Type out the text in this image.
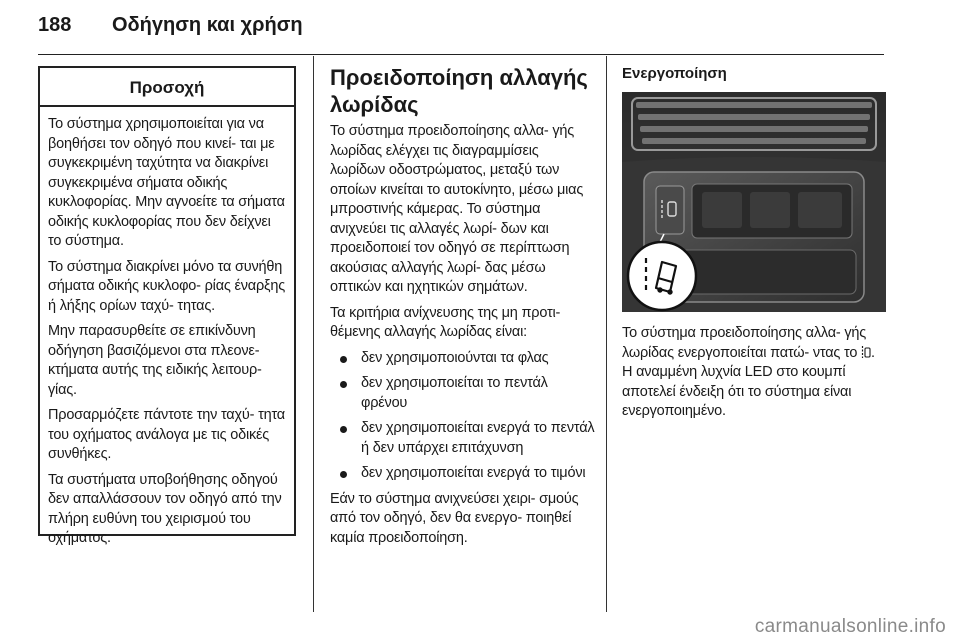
188 Οδήγηση και χρήση
Προσοχή

Το σύστημα χρησιμοποιείται για να βοηθήσει τον οδηγό που κινεί- ται με συγκεκριμένη ταχύτητα να διακρίνει συγκεκριμένα σήματα οδικής κυκλοφορίας. Μην αγνοείτε τα σήματα οδικής κυκλοφορίας που δεν δείχνει το σύστημα.

Το σύστημα διακρίνει μόνο τα συνήθη σήματα οδικής κυκλοφο- ρίας έναρξης ή λήξης ορίων ταχύ- τητας.

Μην παρασυρθείτε σε επικίνδυνη οδήγηση βασιζόμενοι στα πλεονε- κτήματα αυτής της ειδικής λειτουρ- γίας.

Προσαρμόζετε πάντοτε την ταχύ- τητα του οχήματος ανάλογα με τις οδικές συνθήκες.

Τα συστήματα υποβοήθησης οδηγού δεν απαλλάσσουν τον οδηγό από την πλήρη ευθύνη του χειρισμού του οχήματος.

Προειδοποίηση αλλαγής λωρίδας

Το σύστημα προειδοποίησης αλλα- γής λωρίδας ελέγχει τις διαγραμμίσεις λωρίδων οδοστρώματος, μεταξύ των οποίων κινείται το αυτοκίνητο, μέσω μιας μπροστινής κάμερας. Το σύστημα ανιχνεύει τις αλλαγές λωρί- δων και προειδοποιεί τον οδηγό σε περίπτωση ακούσιας αλλαγής λωρί- δας μέσω οπτικών και ηχητικών σημάτων.

Τα κριτήρια ανίχνευσης της μη προτι- θέμενης αλλαγής λωρίδας είναι:

δεν χρησιμοποιούνται τα φλας
δεν χρησιμοποιείται το πεντάλ φρένου
δεν χρησιμοποιείται ενεργά το πεντάλ ή δεν υπάρχει επιτάχυνση
δεν χρησιμοποιείται ενεργά το τιμόνι

Εάν το σύστημα ανιχνεύσει χειρι- σμούς από τον οδηγό, δεν θα ενεργο- ποιηθεί καμία προειδοποίηση.

Ενεργοποίηση

Το σύστημα προειδοποίησης αλλα- γής λωρίδας ενεργοποιείται πατώ- ντας το . Η αναμμένη λυχνία LED στο κουμπί αποτελεί ένδειξη ότι το σύστημα είναι ενεργοποιημένο.

carmanualsonline.info
